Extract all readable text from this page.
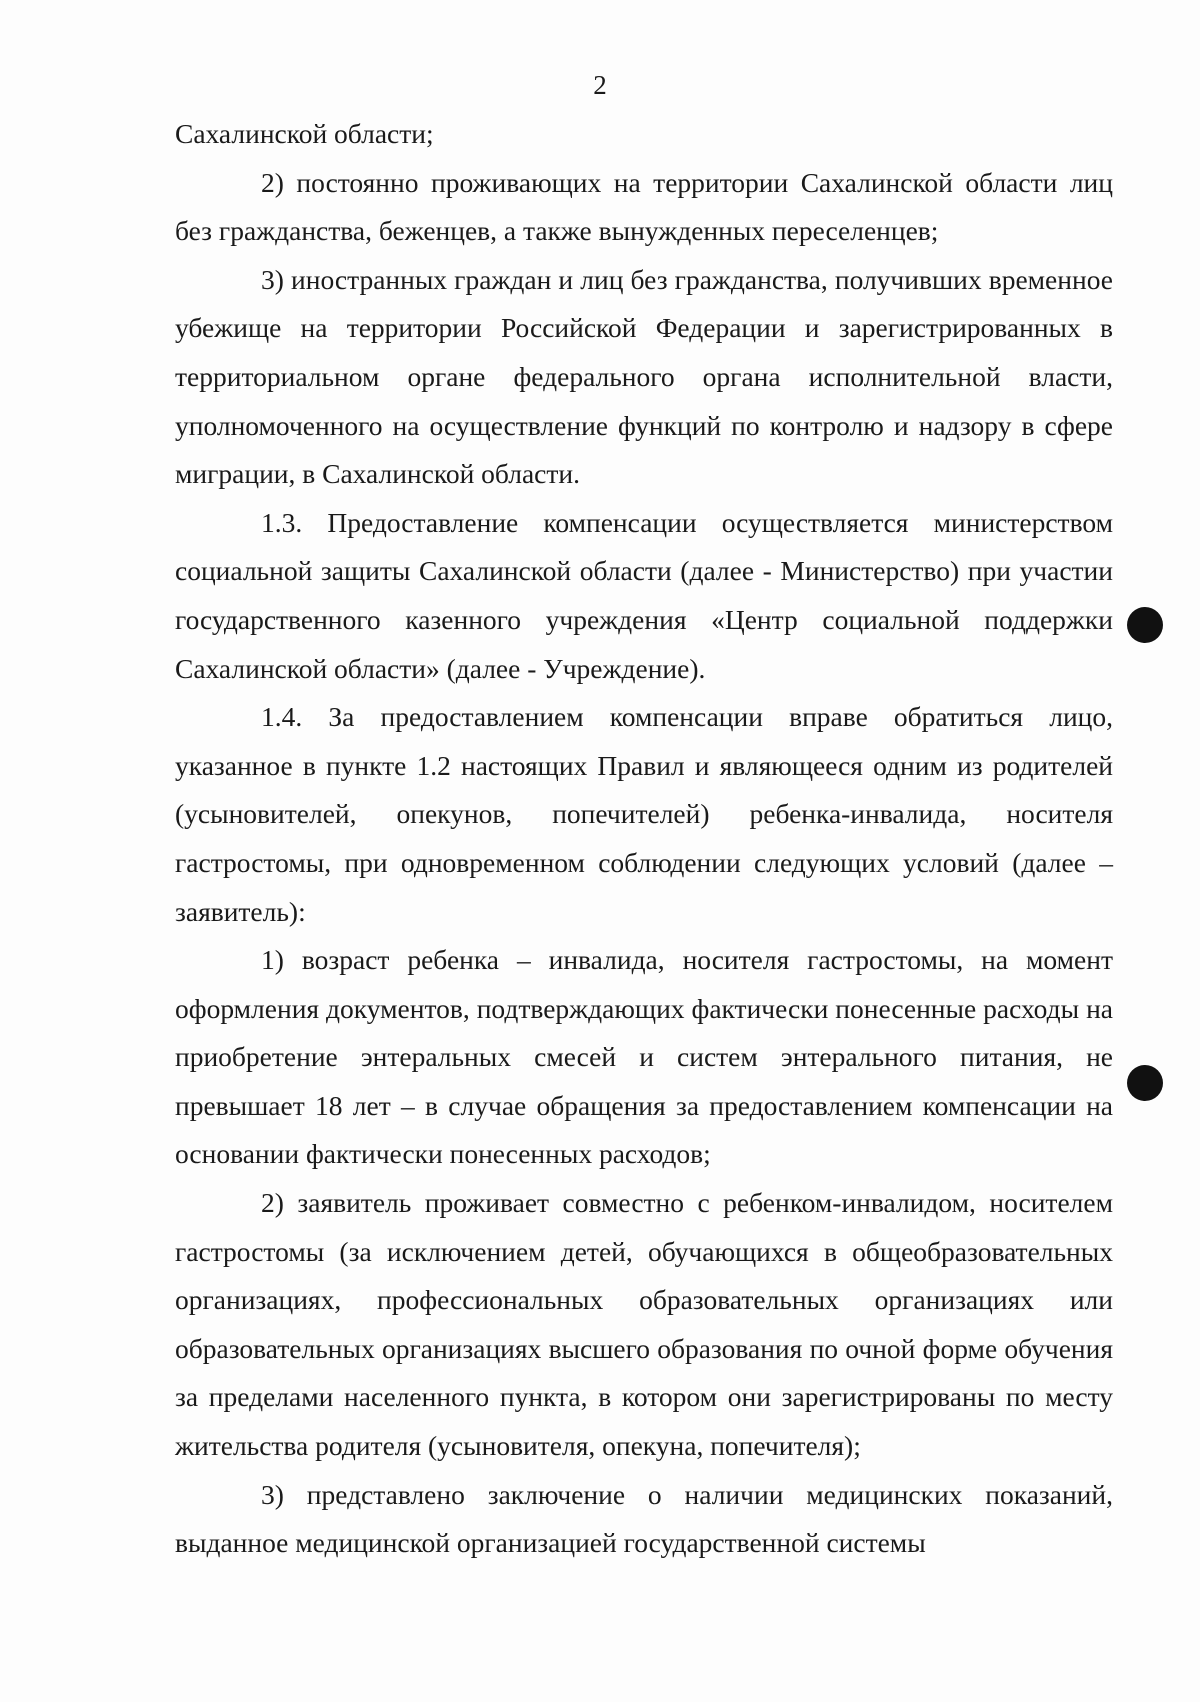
2

Сахалинской области;

2) постоянно проживающих на территории Сахалинской области лиц без гражданства, беженцев, а также вынужденных переселенцев;

3) иностранных граждан и лиц без гражданства, получивших временное убежище на территории Российской Федерации и зарегистрированных в территориальном органе федерального органа исполнительной власти, уполномоченного на осуществление функций по контролю и надзору в сфере миграции, в Сахалинской области.

1.3. Предоставление компенсации осуществляется министерством социальной защиты Сахалинской области (далее - Министерство) при участии государственного казенного учреждения «Центр социальной поддержки Сахалинской области» (далее - Учреждение).

1.4. За предоставлением компенсации вправе обратиться лицо, указанное в пункте 1.2 настоящих Правил и являющееся одним из родителей (усыновителей, опекунов, попечителей) ребенка-инвалида, носителя гастростомы, при одновременном соблюдении следующих условий (далее – заявитель):

1) возраст ребенка – инвалида, носителя гастростомы, на момент оформления документов, подтверждающих фактически понесенные расходы на приобретение энтеральных смесей и систем энтерального питания, не превышает 18 лет – в случае обращения за предоставлением компенсации на основании фактически понесенных расходов;

2) заявитель проживает совместно с ребенком-инвалидом, носителем гастростомы (за исключением детей, обучающихся в общеобразовательных организациях, профессиональных образовательных организациях или образовательных организациях высшего образования по очной форме обучения за пределами населенного пункта, в котором они зарегистрированы по месту жительства родителя (усыновителя, опекуна, попечителя);

3) представлено заключение о наличии медицинских показаний, выданное медицинской организацией государственной системы
